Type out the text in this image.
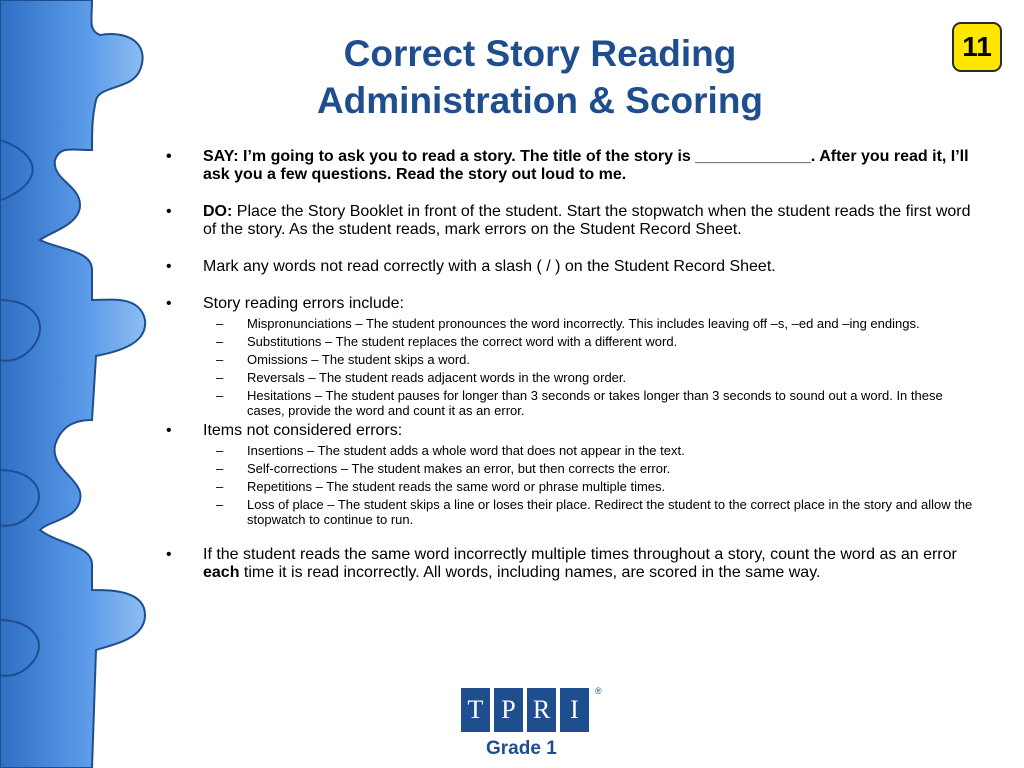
Correct Story Reading
Administration & Scoring
11
• SAY: I’m going to ask you to read a story. The title of the story is _____________. After you read it, I’ll ask you a few questions. Read the story out loud to me.
• DO: Place the Story Booklet in front of the student. Start the stopwatch when the student reads the first word of the story. As the student reads, mark errors on the Student Record Sheet.
• Mark any words not read correctly with a slash ( / ) on the Student Record Sheet.
• Story reading errors include:
– Mispronunciations – The student pronounces the word incorrectly. This includes leaving off –s, –ed and –ing endings.
– Substitutions – The student replaces the correct word with a different word.
– Omissions – The student skips a word.
– Reversals – The student reads adjacent words in the wrong order.
– Hesitations – The student pauses for longer than 3 seconds or takes longer than 3 seconds to sound out a word. In these cases, provide the word and count it as an error.
• Items not considered errors:
– Insertions – The student adds a whole word that does not appear in the text.
– Self-corrections – The student makes an error, but then corrects the error.
– Repetitions – The student reads the same word or phrase multiple times.
– Loss of place – The student skips a line or loses their place. Redirect the student to the correct place in the story and allow the stopwatch to continue to run.
• If the student reads the same word incorrectly multiple times throughout a story, count the word as an error each time it is read incorrectly. All words, including names, are scored in the same way.
T P R I
®
Grade 1
